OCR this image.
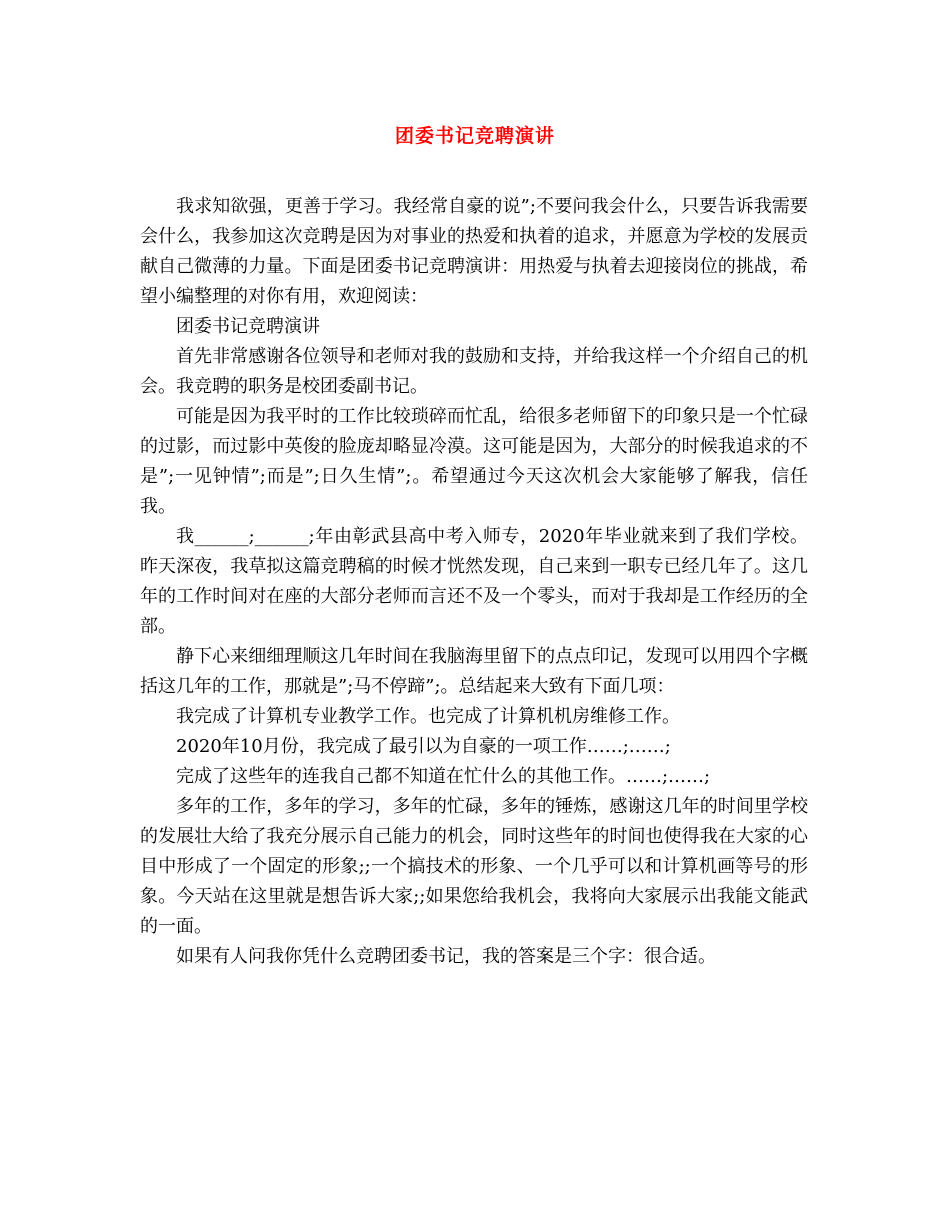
团委书记竞聘演讲

我求知欲强，更善于学习。我经常自豪的说”;不要问我会什么，只要告诉我需要会什么，我参加这次竞聘是因为对事业的热爱和执着的追求，并愿意为学校的发展贡献自己微薄的力量。下面是团委书记竞聘演讲：用热爱与执着去迎接岗位的挑战，希望小编整理的对你有用，欢迎阅读：

团委书记竞聘演讲

首先非常感谢各位领导和老师对我的鼓励和支持，并给我这样一个介绍自己的机会。我竞聘的职务是校团委副书记。

可能是因为我平时的工作比较琐碎而忙乱，给很多老师留下的印象只是一个忙碌的过影，而过影中英俊的脸庞却略显冷漠。这可能是因为，大部分的时候我追求的不是”;一见钟情”;而是”;日久生情”;。希望通过今天这次机会大家能够了解我，信任我。

我______;______;年由彰武县高中考入师专，2020年毕业就来到了我们学校。昨天深夜，我草拟这篇竞聘稿的时候才恍然发现，自己来到一职专已经几年了。这几年的工作时间对在座的大部分老师而言还不及一个零头，而对于我却是工作经历的全部。

静下心来细细理顺这几年时间在我脑海里留下的点点印记，发现可以用四个字概括这几年的工作，那就是”;马不停蹄”;。总结起来大致有下面几项：

我完成了计算机专业教学工作。也完成了计算机机房维修工作。

2020年10月份，我完成了最引以为自豪的一项工作……;……;

完成了这些年的连我自己都不知道在忙什么的其他工作。……;……;

多年的工作，多年的学习，多年的忙碌，多年的锤炼，感谢这几年的时间里学校的发展壮大给了我充分展示自己能力的机会，同时这些年的时间也使得我在大家的心目中形成了一个固定的形象;;一个搞技术的形象、一个几乎可以和计算机画等号的形象。今天站在这里就是想告诉大家;;如果您给我机会，我将向大家展示出我能文能武的一面。

如果有人问我你凭什么竞聘团委书记，我的答案是三个字：很合适。
